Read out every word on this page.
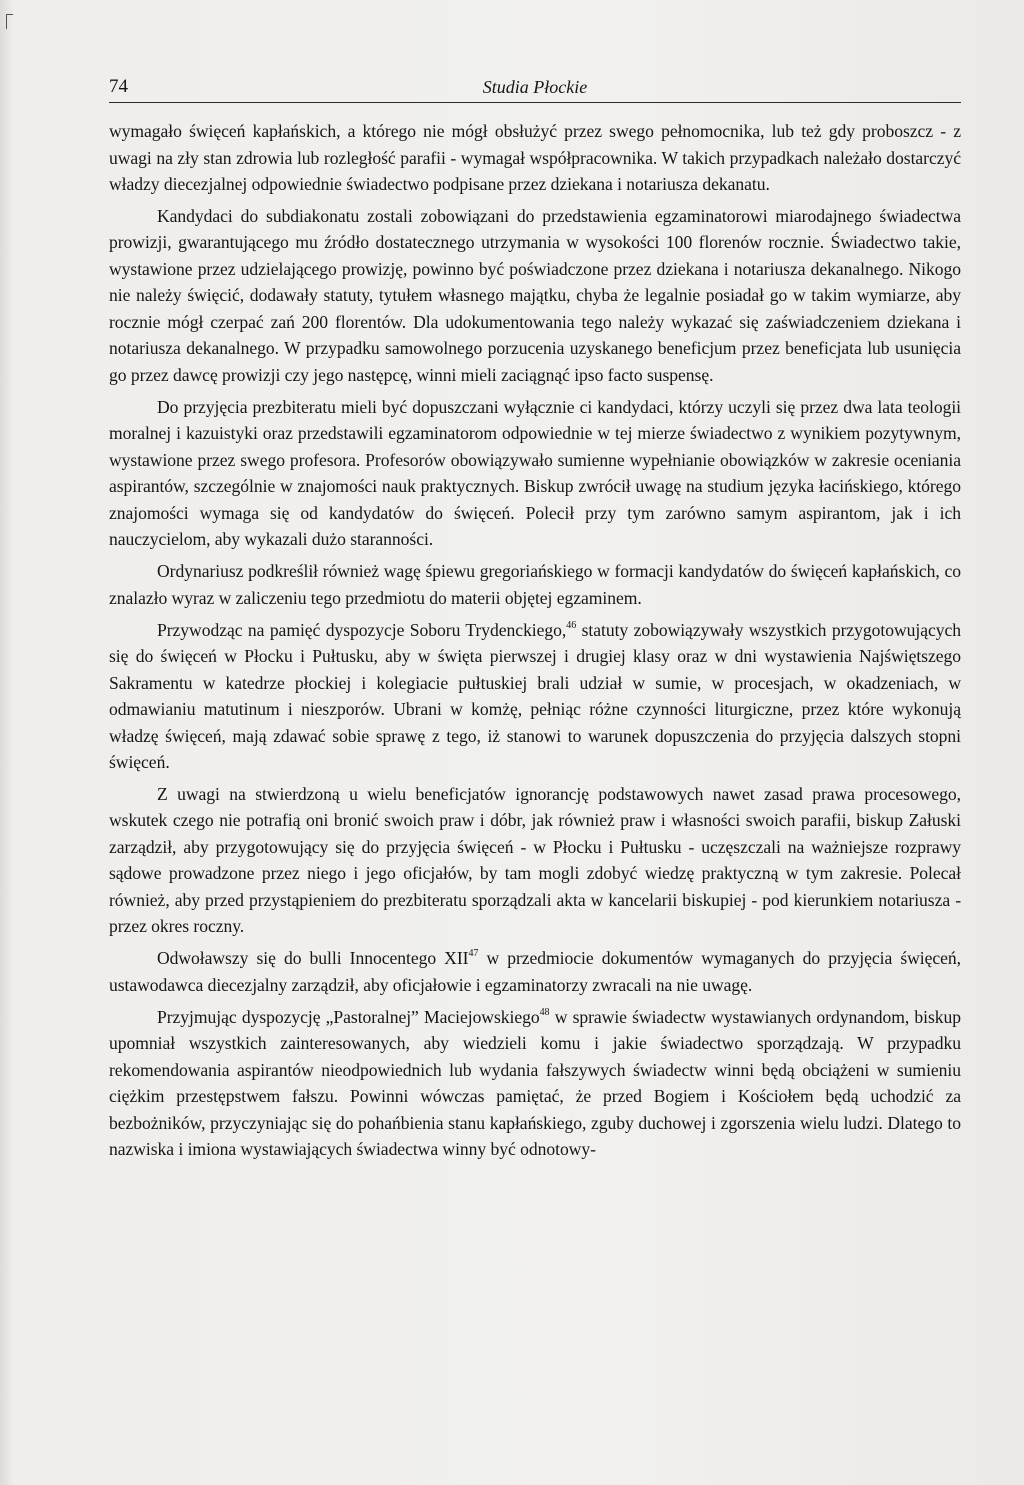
74	Studia Płockie

wymagało święceń kapłańskich, a którego nie mógł obsłużyć przez swego pełnomocnika, lub też gdy proboszcz - z uwagi na zły stan zdrowia lub rozległość parafii - wymagał współpracownika. W takich przypadkach należało dostarczyć władzy diecezjalnej odpowiednie świadectwo podpisane przez dziekana i notariusza dekanatu.

Kandydaci do subdiakonatu zostali zobowiązani do przedstawienia egzaminatorowi miarodajnego świadectwa prowizji, gwarantującego mu źródło dostatecznego utrzymania w wysokości 100 florenów rocznie. Świadectwo takie, wystawione przez udzielającego prowizję, powinno być poświadczone przez dziekana i notariusza dekanalnego. Nikogo nie należy święcić, dodawały statuty, tytułem własnego majątku, chyba że legalnie posiadał go w takim wymiarze, aby rocznie mógł czerpać zań 200 florentów. Dla udokumentowania tego należy wykazać się zaświadczeniem dziekana i notariusza dekanalnego. W przypadku samowolnego porzucenia uzyskanego beneficjum przez beneficjata lub usunięcia go przez dawcę prowizji czy jego następcę, winni mieli zaciągnąć ipso facto suspensę.

Do przyjęcia prezbiteratu mieli być dopuszczani wyłącznie ci kandydaci, którzy uczyli się przez dwa lata teologii moralnej i kazuistyki oraz przedstawili egzaminatorom odpowiednie w tej mierze świadectwo z wynikiem pozytywnym, wystawione przez swego profesora. Profesorów obowiązywało sumienne wypełnianie obowiązków w zakresie oceniania aspirantów, szczególnie w znajomości nauk praktycznych. Biskup zwrócił uwagę na studium języka łacińskiego, którego znajomości wymaga się od kandydatów do święceń. Polecił przy tym zarówno samym aspirantom, jak i ich nauczycielom, aby wykazali dużo staranności.

Ordynariusz podkreślił również wagę śpiewu gregoriańskiego w formacji kandydatów do święceń kapłańskich, co znalazło wyraz w zaliczeniu tego przedmiotu do materii objętej egzaminem.

Przywodząc na pamięć dyspozycje Soboru Trydenckiego,$^{46}$ statuty zobowiązywały wszystkich przygotowujących się do święceń w Płocku i Pułtusku, aby w święta pierwszej i drugiej klasy oraz w dni wystawienia Najświętszego Sakramentu w katedrze płockiej i kolegiacie pułtuskiej brali udział w sumie, w procesjach, w okadzeniach, w odmawianiu matutinum i nieszporów. Ubrani w komżę, pełniąc różne czynności liturgiczne, przez które wykonują władzę święceń, mają zdawać sobie sprawę z tego, iż stanowi to warunek dopuszczenia do przyjęcia dalszych stopni święceń.

Z uwagi na stwierdzoną u wielu beneficjatów ignorancję podstawowych nawet zasad prawa procesowego, wskutek czego nie potrafią oni bronić swoich praw i dóbr, jak również praw i własności swoich parafii, biskup Załuski zarządził, aby przygotowujący się do przyjęcia święceń - w Płocku i Pułtusku - uczęszczali na ważniejsze rozprawy sądowe prowadzone przez niego i jego oficjałów, by tam mogli zdobyć wiedzę praktyczną w tym zakresie. Polecał również, aby przed przystąpieniem do prezbiteratu sporządzali akta w kancelarii biskupiej - pod kierunkiem notariusza - przez okres roczny.

Odwoławszy się do bulli Innocentego XII$^{47}$ w przedmiocie dokumentów wymaganych do przyjęcia święceń, ustawodawca diecezjalny zarządził, aby oficjałowie i egzaminatorzy zwracali na nie uwagę.

Przyjmując dyspozycję „Pastoralnej” Maciejowskiego$^{48}$ w sprawie świadectw wystawianych ordynandom, biskup upomniał wszystkich zainteresowanych, aby wiedzieli komu i jakie świadectwo sporządzają. W przypadku rekomendowania aspirantów nieodpowiednich lub wydania fałszywych świadectw winni będą obciążeni w sumieniu ciężkim przestępstwem fałszu. Powinni wówczas pamiętać, że przed Bogiem i Kościołem będą uchodzić za bezbożników, przyczyniając się do pohańbienia stanu kapłańskiego, zguby duchowej i zgorszenia wielu ludzi. Dlatego to nazwiska i imiona wystawiających świadectwa winny być odnotowy-
